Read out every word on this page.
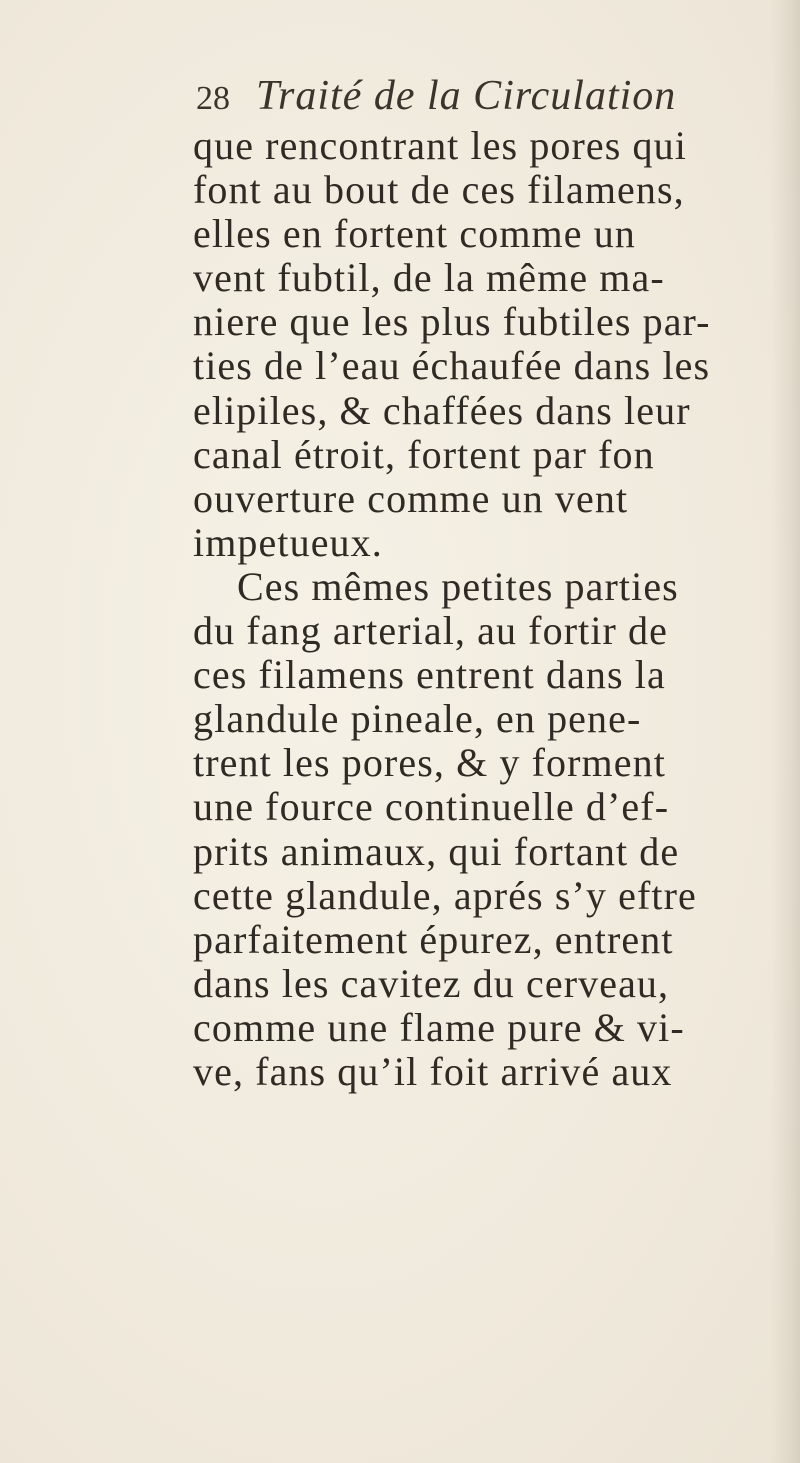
28 Traité de la Circulation
que rencontrant les pores qui
font au bout de ces filamens,
elles en fortent comme un
vent fubtil, de la même ma-
niere que les plus fubtiles par-
ties de l’eau échaufée dans les
elipiles, & chaffées dans leur
canal étroit, fortent par fon
ouverture comme un vent
impetueux.
Ces mêmes petites parties
du fang arterial, au fortir de
ces filamens entrent dans la
glandule pineale, en pene-
trent les pores, & y forment
une fource continuelle d’ef-
prits animaux, qui fortant de
cette glandule, aprés s’y eftre
parfaitement épurez, entrent
dans les cavitez du cerveau,
comme une flame pure & vi-
ve, fans qu’il foit arrivé aux
